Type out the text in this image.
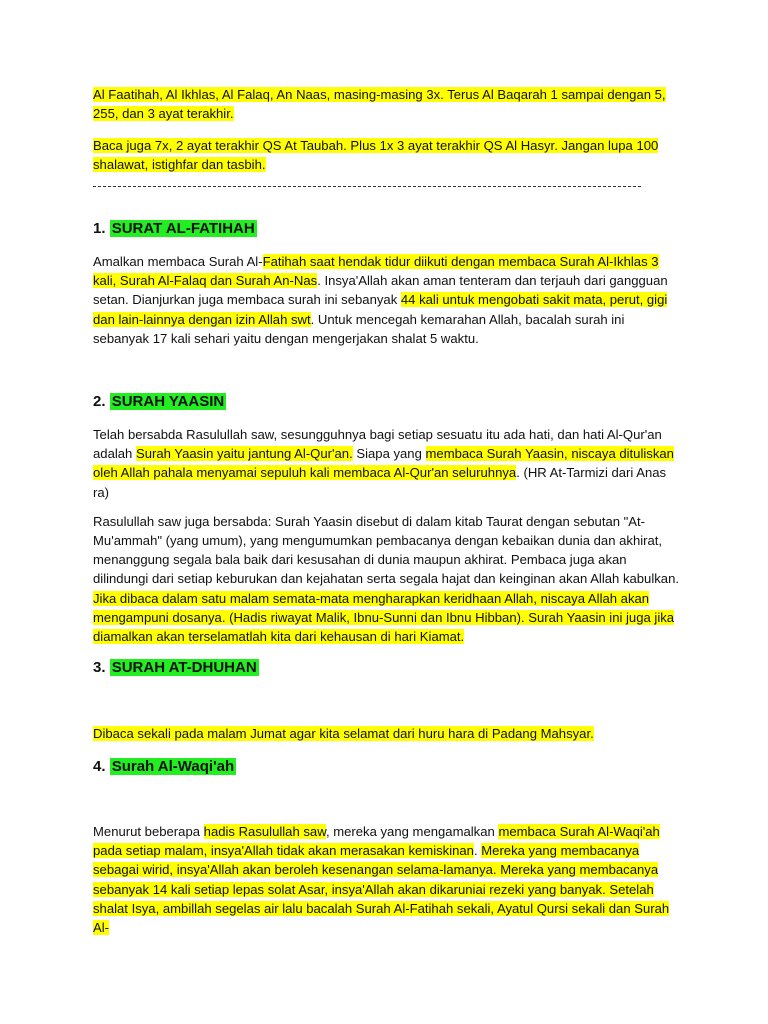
Al Faatihah, Al Ikhlas, Al Falaq, An Naas, masing-masing 3x. Terus Al Baqarah 1 sampai dengan 5, 255, dan 3 ayat terakhir.

Baca juga 7x, 2 ayat terakhir QS At Taubah. Plus 1x 3 ayat terakhir QS Al Hasyr. Jangan lupa 100 shalawat, istighfar dan tasbih.

1. SURAT AL-FATIHAH

Amalkan membaca Surah Al-Fatihah saat hendak tidur diikuti dengan membaca Surah Al-Ikhlas 3 kali, Surah Al-Falaq dan Surah An-Nas. Insya'Allah akan aman tenteram dan terjauh dari gangguan setan. Dianjurkan juga membaca surah ini sebanyak 44 kali untuk mengobati sakit mata, perut, gigi dan lain-lainnya dengan izin Allah swt. Untuk mencegah kemarahan Allah, bacalah surah ini sebanyak 17 kali sehari yaitu dengan mengerjakan shalat 5 waktu.

2. SURAH YAASIN

Telah bersabda Rasulullah saw, sesungguhnya bagi setiap sesuatu itu ada hati, dan hati Al-Qur'an adalah Surah Yaasin yaitu jantung Al-Qur'an. Siapa yang membaca Surah Yaasin, niscaya dituliskan oleh Allah pahala menyamai sepuluh kali membaca Al-Qur'an seluruhnya. (HR At-Tarmizi dari Anas ra)

Rasulullah saw juga bersabda: Surah Yaasin disebut di dalam kitab Taurat dengan sebutan "At-Mu'ammah" (yang umum), yang mengumumkan pembacanya dengan kebaikan dunia dan akhirat, menanggung segala bala baik dari kesusahan di dunia maupun akhirat. Pembaca juga akan dilindungi dari setiap keburukan dan kejahatan serta segala hajat dan keinginan akan Allah kabulkan. Jika dibaca dalam satu malam semata-mata mengharapkan keridhaan Allah, niscaya Allah akan mengampuni dosanya. (Hadis riwayat Malik, Ibnu-Sunni dan Ibnu Hibban). Surah Yaasin ini juga jika diamalkan akan terselamatlah kita dari kehausan di hari Kiamat.

3. SURAH AT-DHUHAN

Dibaca sekali pada malam Jumat agar kita selamat dari huru hara di Padang Mahsyar.

4. Surah Al-Waqi'ah

Menurut beberapa hadis Rasulullah saw, mereka yang mengamalkan membaca Surah Al-Waqi'ah pada setiap malam, insya'Allah tidak akan merasakan kemiskinan. Mereka yang membacanya sebagai wirid, insya'Allah akan beroleh kesenangan selama-lamanya. Mereka yang membacanya sebanyak 14 kali setiap lepas solat Asar, insya'Allah akan dikaruniai rezeki yang banyak. Setelah shalat Isya, ambillah segelas air lalu bacalah Surah Al-Fatihah sekali, Ayatul Qursi sekali dan Surah Al-
